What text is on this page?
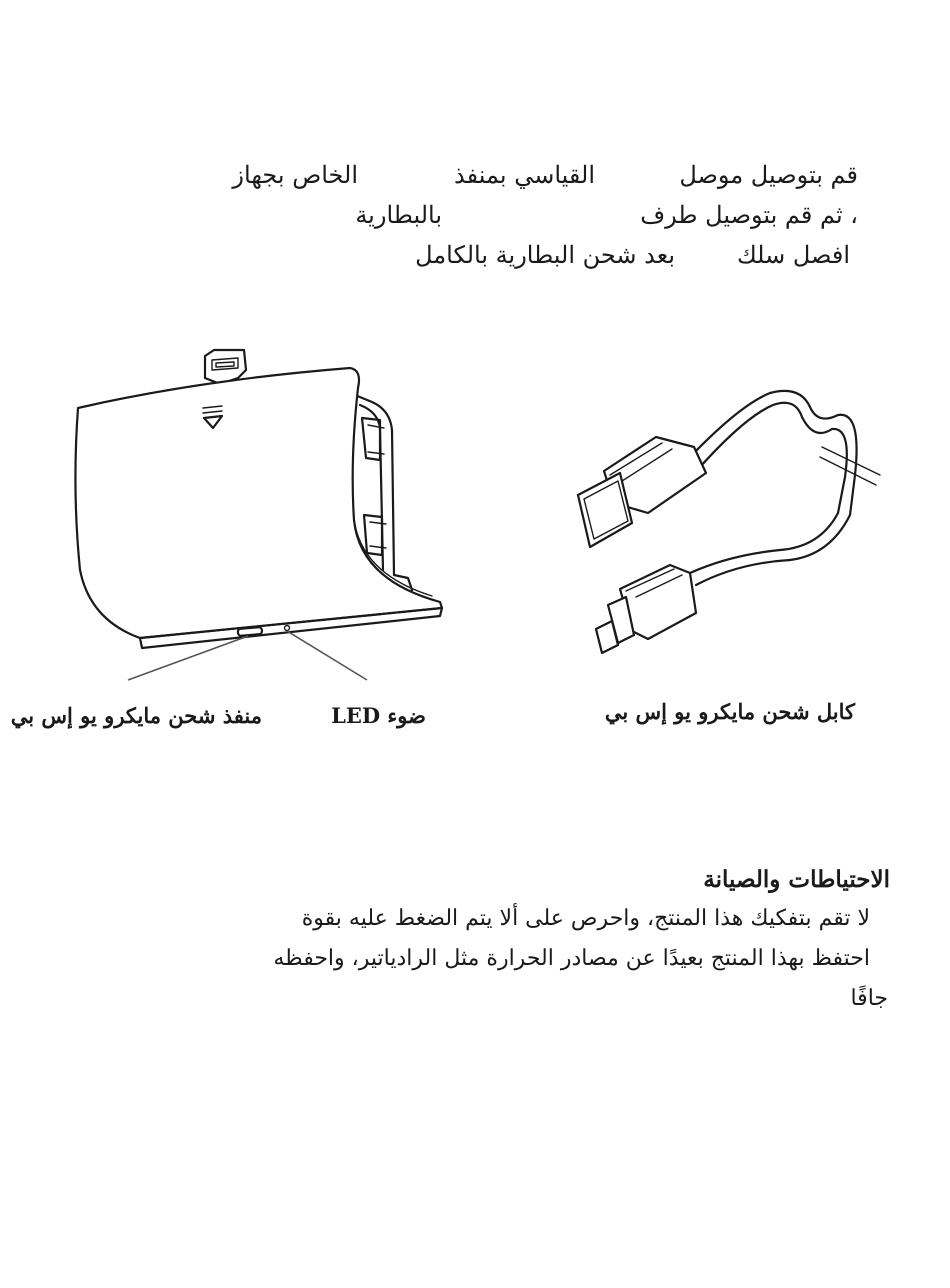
قم بتوصيل موصل
القياسي بمنفذ
الخاص بجهاز
، ثم قم بتوصيل طرف
بالبطارية
افصل سلك
بعد شحن البطارية بالكامل
منفذ شحن مايكرو يو إس بي	ضوء LED	كابل شحن مايكرو يو إس بي
الاحتياطات والصيانة
لا تقم بتفكيك هذا المنتج، واحرص على ألا يتم الضغط عليه بقوة
احتفظ بهذا المنتج بعيدًا عن مصادر الحرارة مثل الرادياتير، واحفظه
جافًا
